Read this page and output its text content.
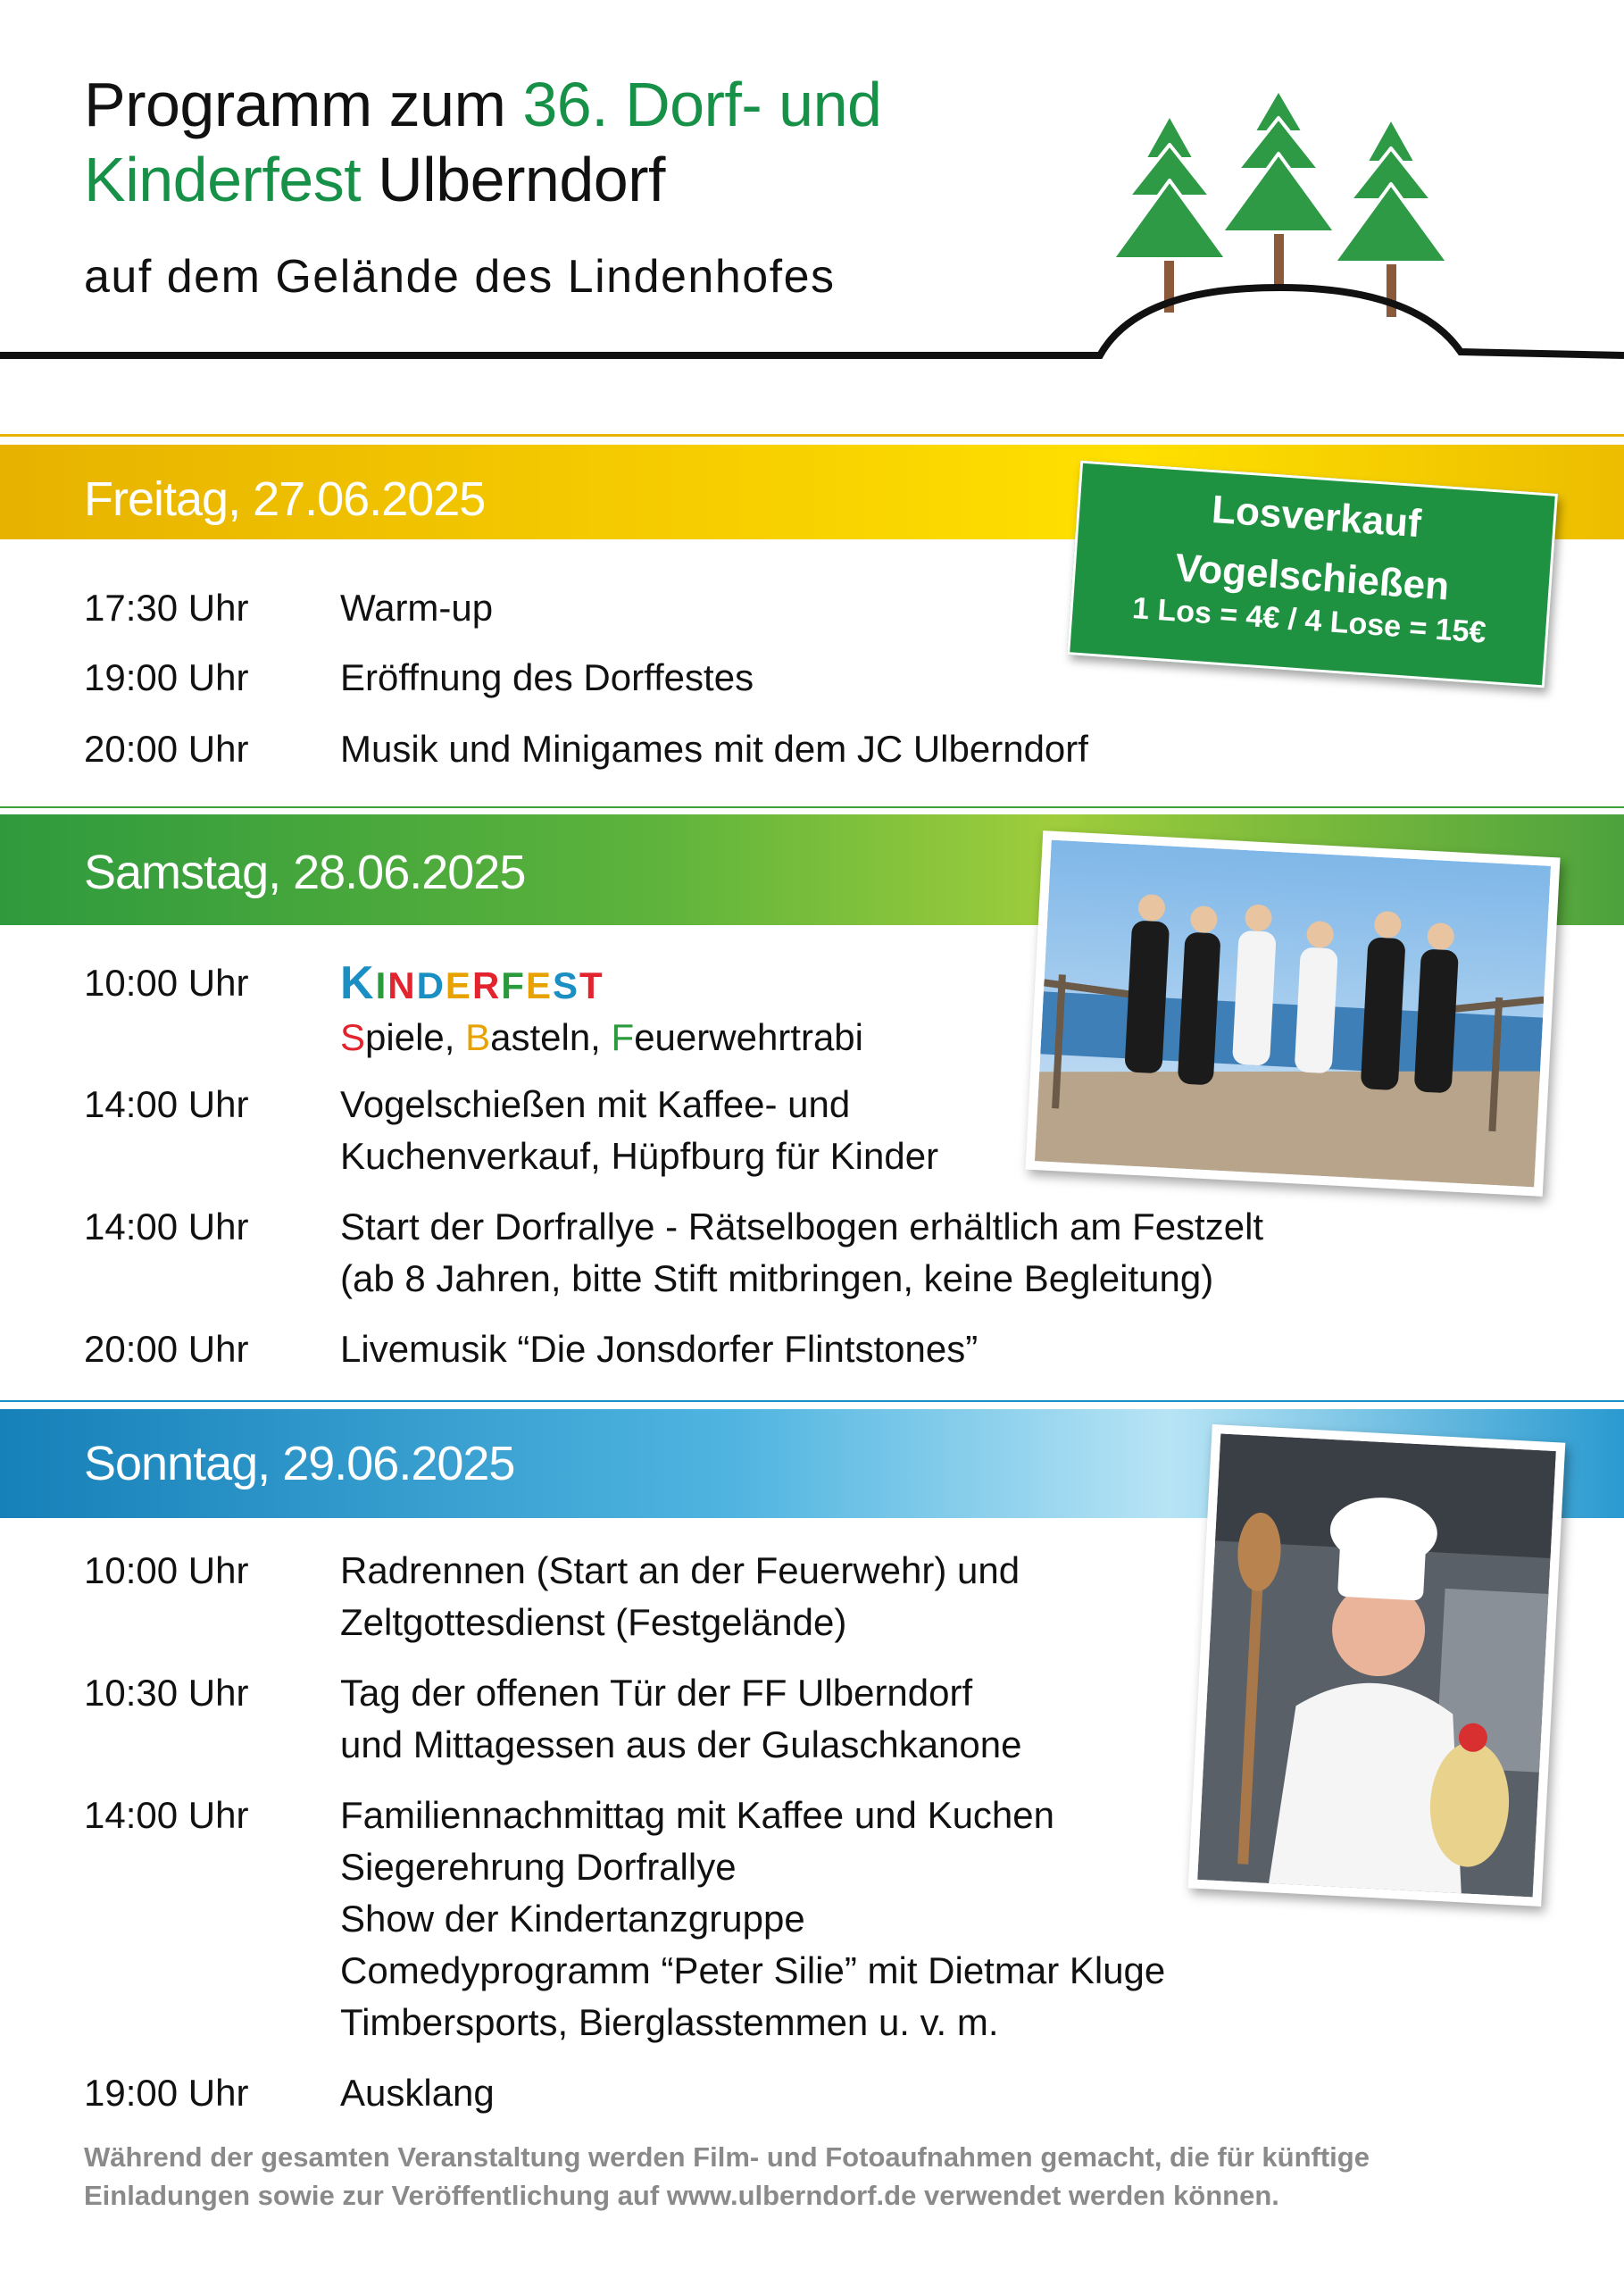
Programm zum 36. Dorf- und
Kinderfest Ulberndorf
auf dem Gelände des Lindenhofes
Freitag, 27.06.2025
17:30 Uhr	Warm-up
19:00 Uhr	Eröffnung des Dorffestes
20:00 Uhr	Musik und Minigames mit dem JC Ulberndorf
Losverkauf
Vogelschießen
1 Los = 4€ / 4 Lose = 15€
Samstag, 28.06.2025
10:00 Uhr	KINDERFEST
Spiele, Basteln, Feuerwehrtrabi
14:00 Uhr	Vogelschießen mit Kaffee- und
Kuchenverkauf, Hüpfburg für Kinder
14:00 Uhr	Start der Dorfrallye - Rätselbogen erhältlich am Festzelt
(ab 8 Jahren, bitte Stift mitbringen, keine Begleitung)
20:00 Uhr	Livemusik “Die Jonsdorfer Flintstones”
Sonntag, 29.06.2025
10:00 Uhr	Radrennen (Start an der Feuerwehr) und
Zeltgottesdienst (Festgelände)
10:30 Uhr	Tag der offenen Tür der FF Ulberndorf
und Mittagessen aus der Gulaschkanone
14:00 Uhr	Familiennachmittag mit Kaffee und Kuchen
Siegerehrung Dorfrallye
Show der Kindertanzgruppe
Comedyprogramm “Peter Silie” mit Dietmar Kluge
Timbersports, Bierglasstemmen u. v. m.
19:00 Uhr	Ausklang
Während der gesamten Veranstaltung werden Film- und Fotoaufnahmen gemacht, die für künftige
Einladungen sowie zur Veröffentlichung auf www.ulberndorf.de verwendet werden können.
